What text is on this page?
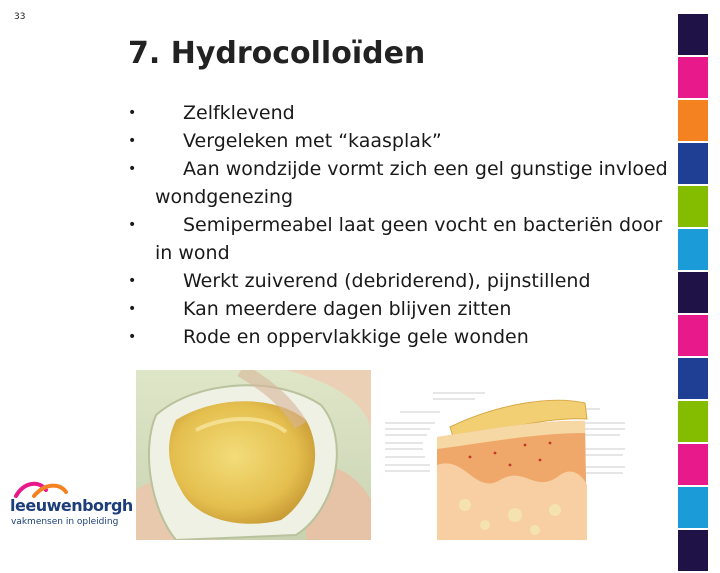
33
7. Hydrocolloïden
• Zelfklevend
• Vergeleken met “kaasplak”
• Aan wondzijde vormt zich een gel gunstige invloed wondgenezing
• Semipermeabel laat geen vocht en bacteriën door in wond
• Werkt zuiverend (debriderend), pijnstillend
• Kan meerdere dagen blijven zitten
• Rode en oppervlakkige gele wonden
leeuwenborgh
vakmensen in opleiding
